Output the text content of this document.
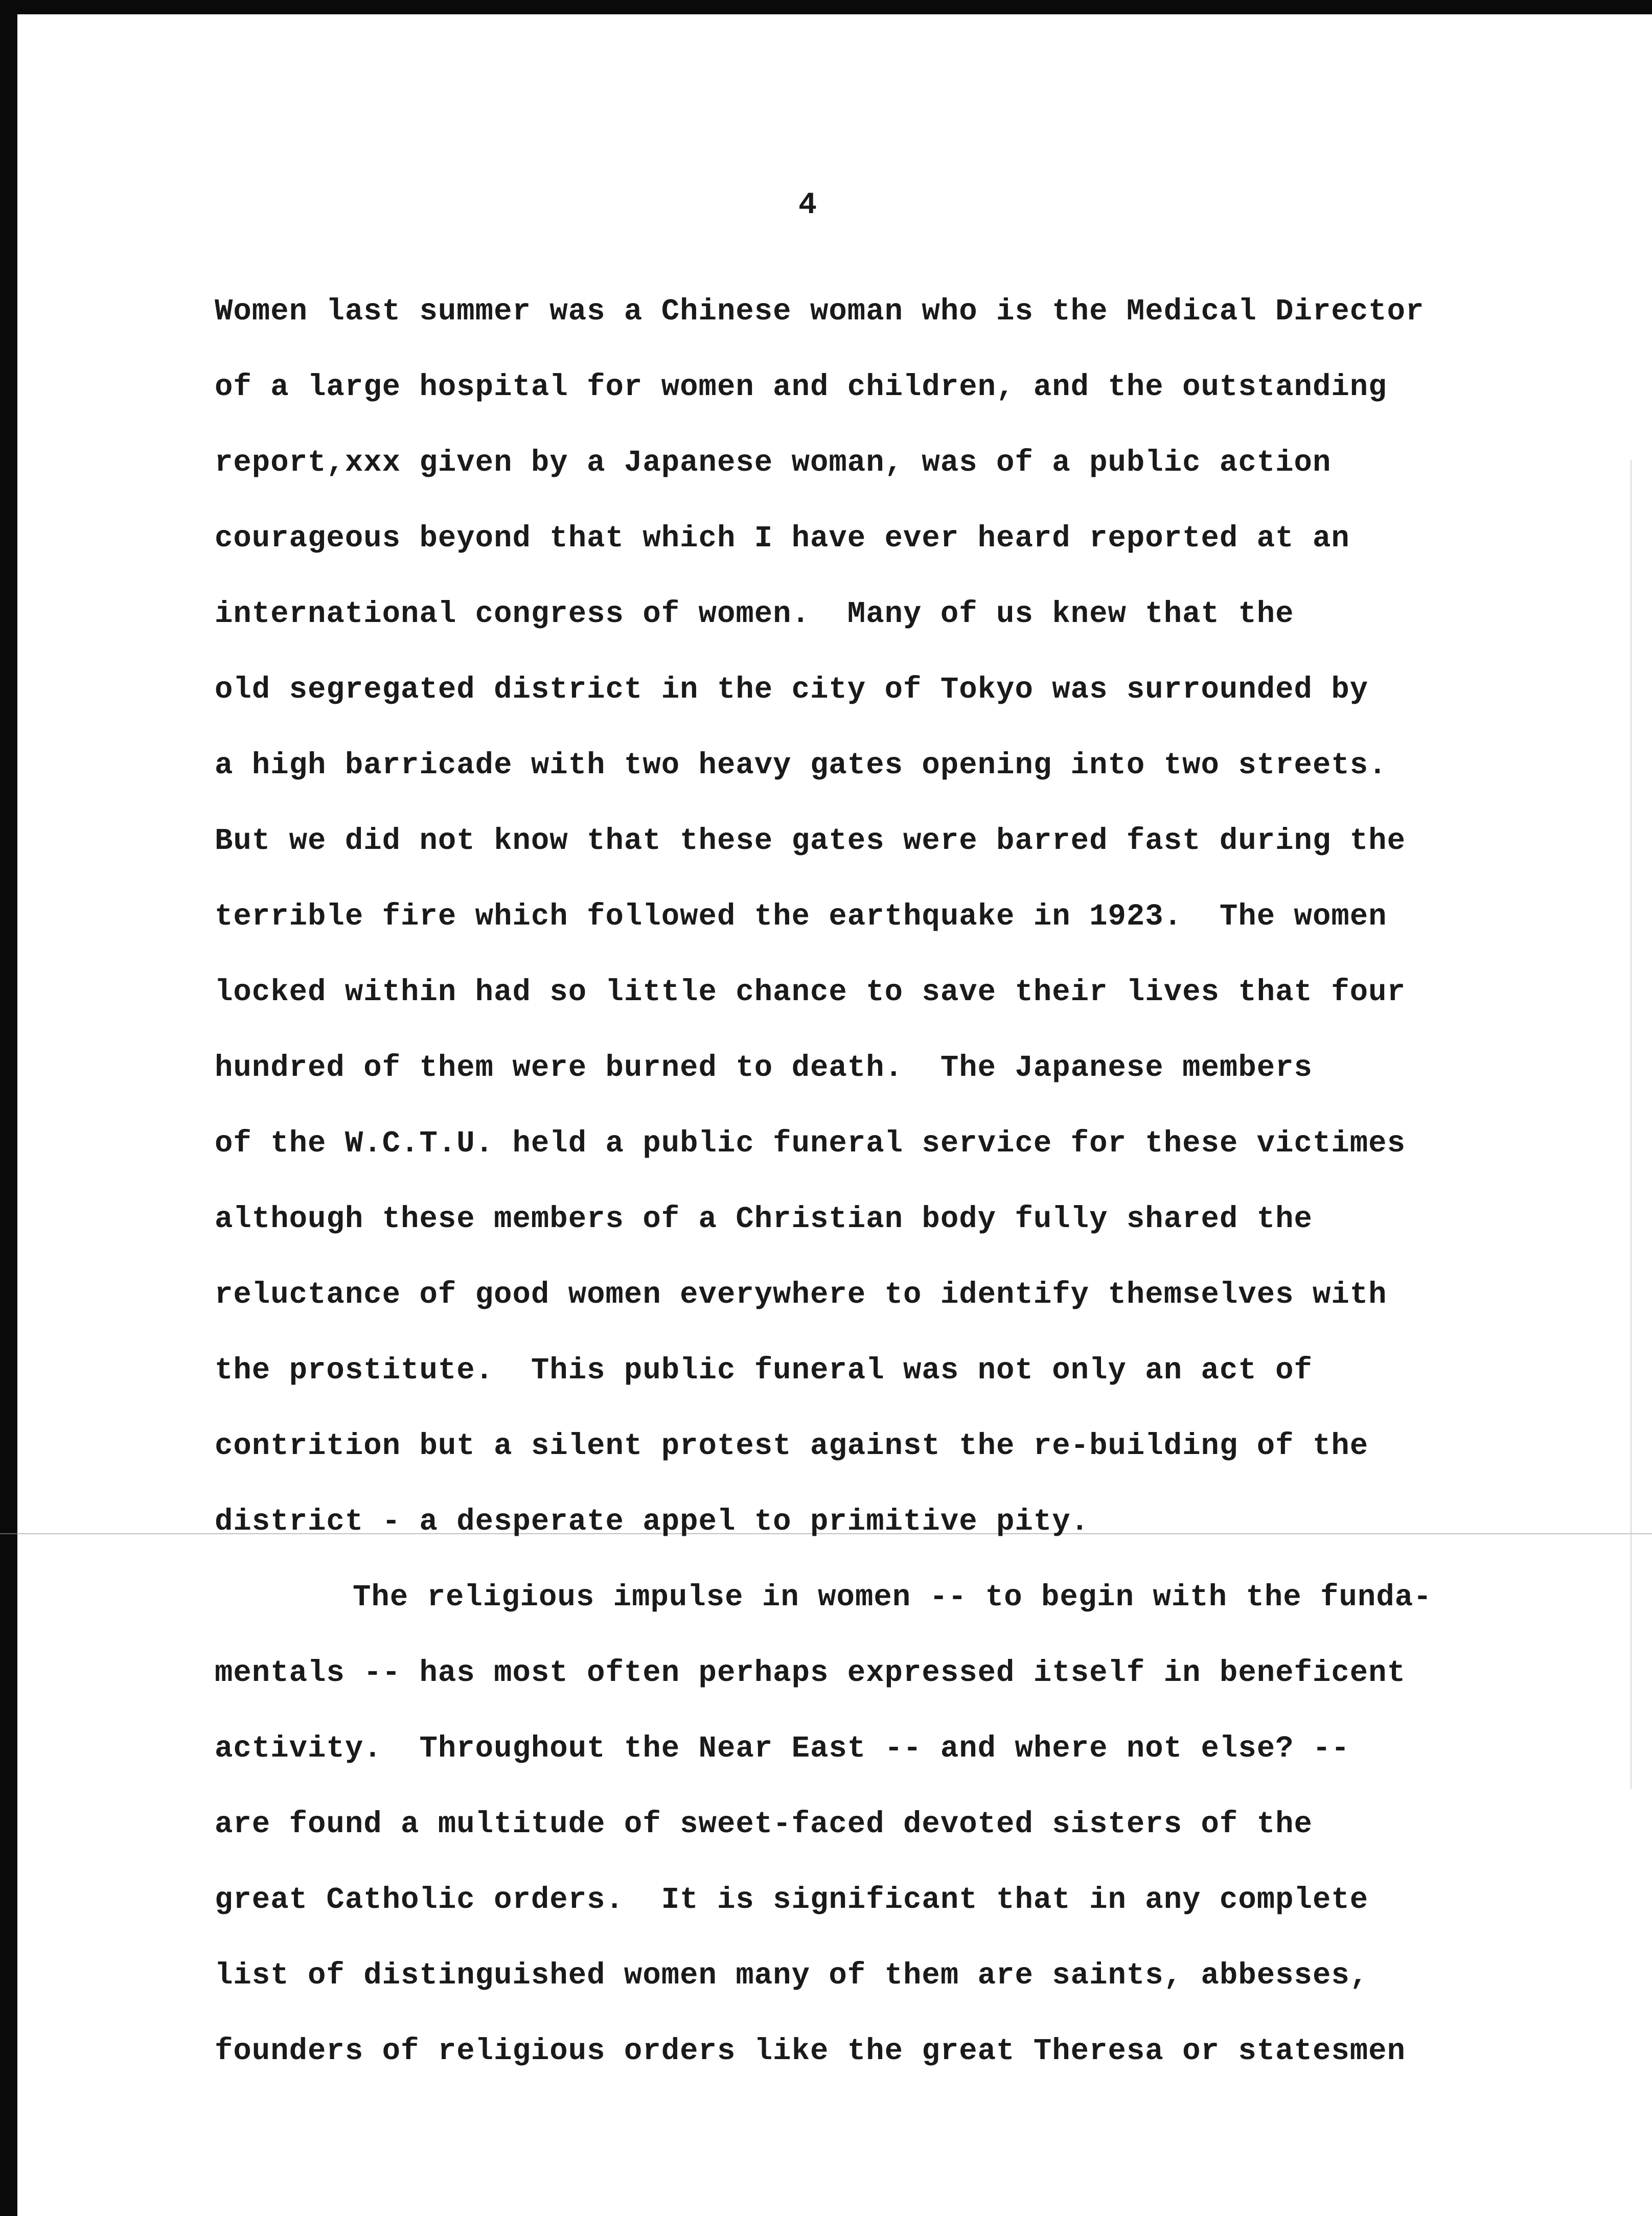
4
Women last summer was a Chinese woman who is the Medical Director
of a large hospital for women and children, and the outstanding
report,xxx given by a Japanese woman, was of a public action
courageous beyond that which I have ever heard reported at an
international congress of women.  Many of us knew that the
old segregated district in the city of Tokyo was surrounded by
a high barricade with two heavy gates opening into two streets.
But we did not know that these gates were barred fast during the
terrible fire which followed the earthquake in 1923.  The women
locked within had so little chance to save their lives that four
hundred of them were burned to death.  The Japanese members
of the W.C.T.U. held a public funeral service for these victimes
although these members of a Christian body fully shared the
reluctance of good women everywhere to identify themselves with
the prostitute.  This public funeral was not only an act of
contrition but a silent protest against the re-building of the
district - a desperate appel to primitive pity.
The religious impulse in women -- to begin with the funda-
mentals -- has most often perhaps expressed itself in beneficent
activity.  Throughout the Near East -- and where not else? --
are found a multitude of sweet-faced devoted sisters of the
great Catholic orders.  It is significant that in any complete
list of distinguished women many of them are saints, abbesses,
founders of religious orders like the great Theresa or statesmen
